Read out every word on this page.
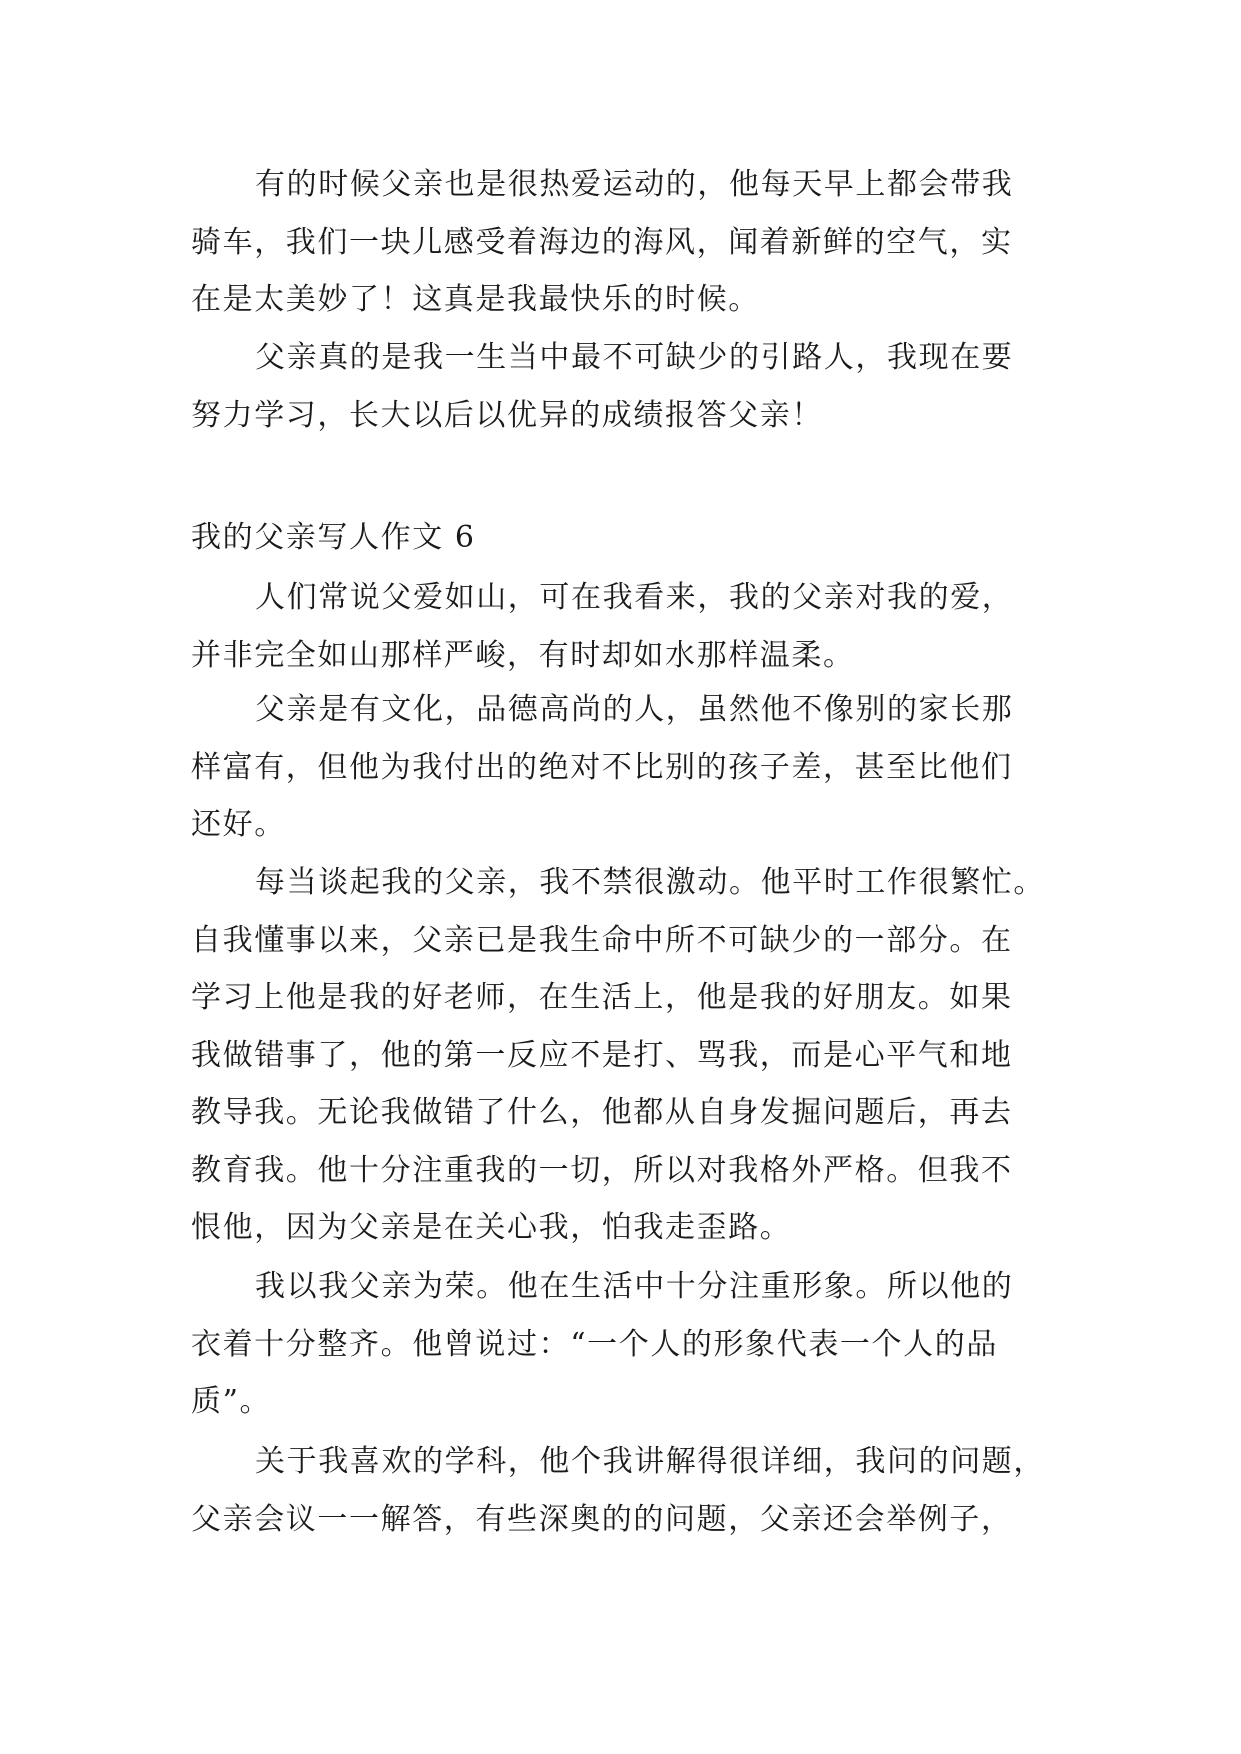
有的时候父亲也是很热爱运动的，他每天早上都会带我
骑车，我们一块儿感受着海边的海风，闻着新鲜的空气，实
在是太美妙了！这真是我最快乐的时候。
父亲真的是我一生当中最不可缺少的引路人，我现在要
努力学习，长大以后以优异的成绩报答父亲！
我的父亲写人作文 6
人们常说父爱如山，可在我看来，我的父亲对我的爱，
并非完全如山那样严峻，有时却如水那样温柔。
父亲是有文化，品德高尚的人，虽然他不像别的家长那
样富有，但他为我付出的绝对不比别的孩子差，甚至比他们
还好。
每当谈起我的父亲，我不禁很激动。他平时工作很繁忙。
自我懂事以来，父亲已是我生命中所不可缺少的一部分。在
学习上他是我的好老师，在生活上，他是我的好朋友。如果
我做错事了，他的第一反应不是打、骂我，而是心平气和地
教导我。无论我做错了什么，他都从自身发掘问题后，再去
教育我。他十分注重我的一切，所以对我格外严格。但我不
恨他，因为父亲是在关心我，怕我走歪路。
我以我父亲为荣。他在生活中十分注重形象。所以他的
衣着十分整齐。他曾说过：“一个人的形象代表一个人的品
质”。
关于我喜欢的学科，他个我讲解得很详细，我问的问题，
父亲会议一一解答，有些深奥的的问题，父亲还会举例子，
